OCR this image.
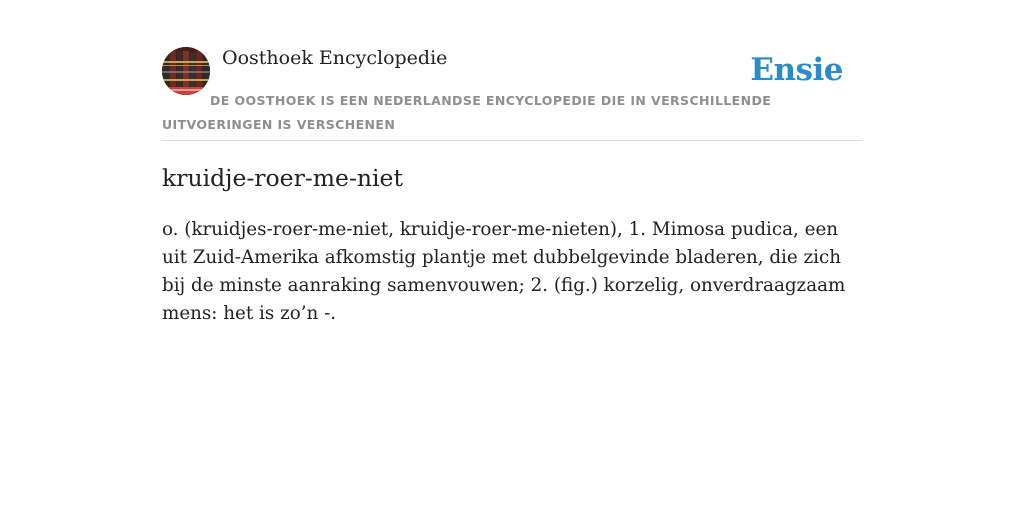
Oosthoek Encyclopedie	Ensie

DE OOSTHOEK IS EEN NEDERLANDSE ENCYCLOPEDIE DIE IN VERSCHILLENDE UITVOERINGEN IS VERSCHENEN

kruidje-roer-me-niet

o. (kruidjes-roer-me-niet, kruidje-roer-me-nieten), 1. Mimosa pudica, een uit Zuid-Amerika afkomstig plantje met dubbelgevinde bladeren, die zich bij de minste aanraking samenvouwen; 2. (fig.) korzelig, onverdraagzaam mens: het is zo’n -.
